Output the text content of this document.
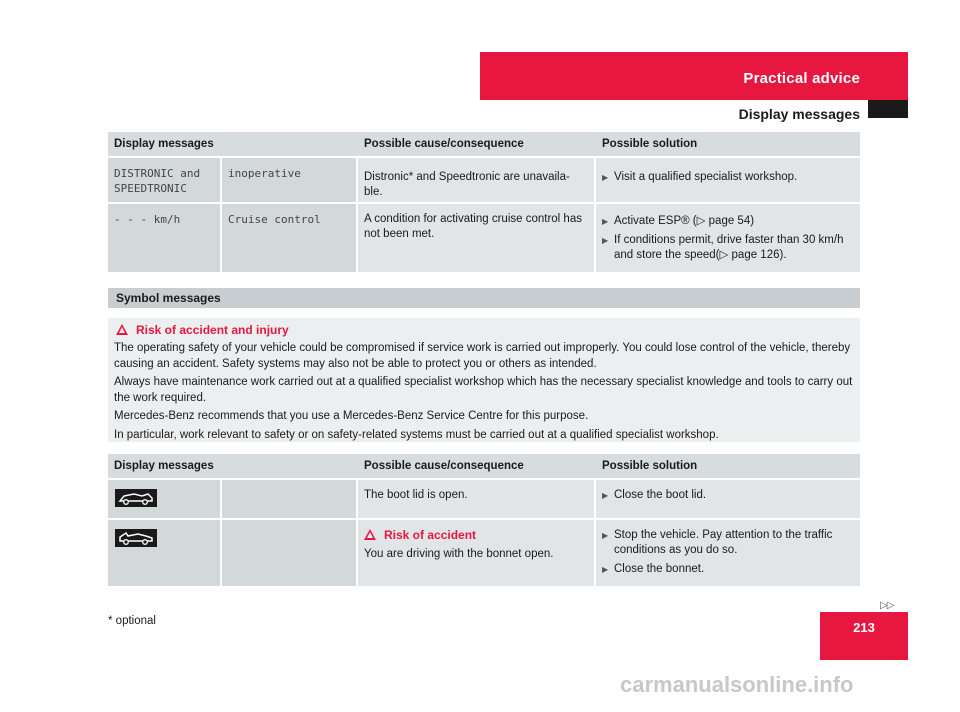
Practical advice
Display messages
Display messages	Possible cause/consequence	Possible solution
DISTRONIC and
SPEEDTRONIC
inoperative	Distronic* and Speedtronic are unavaila-ble.
▶ Visit a qualified specialist workshop.
- - - km/h	Cruise control	A condition for activating cruise control has not been met.
▶ Activate ESP® (▷ page 54)
▶ If conditions permit, drive faster than 30 km/h and store the speed(▷ page 126).
Symbol messages
Risk of accident and injury

The operating safety of your vehicle could be compromised if service work is carried out improperly. You could lose control of the vehicle, thereby causing an accident. Safety systems may also not be able to protect you or others as intended.

Always have maintenance work carried out at a qualified specialist workshop which has the necessary specialist knowledge and tools to carry out the work required.

Mercedes-Benz recommends that you use a Mercedes-Benz Service Centre for this purpose.

In particular, work relevant to safety or on safety-related systems must be carried out at a qualified specialist workshop.

Display messages	Possible cause/consequence	Possible solution
The boot lid is open.
▶	Close the boot lid.
Risk of accident
You are driving with the bonnet open.
▶ Stop the vehicle. Pay attention to the traffic conditions as you do so.
▶ Close the bonnet.
▷▷
* optional	213
carmanualsonline.info
